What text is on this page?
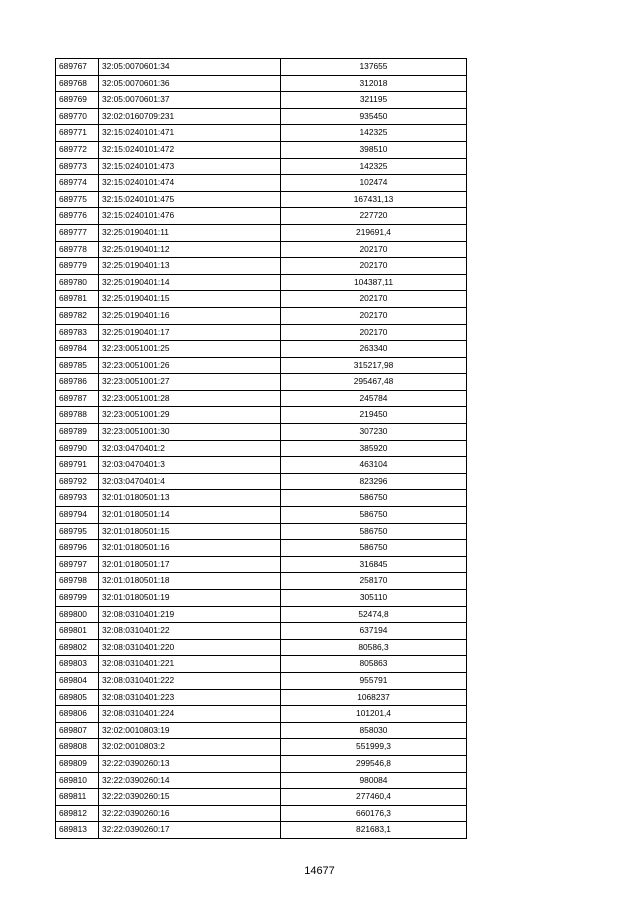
689767	32:05:0070601:34	137655
689768	32:05:0070601:36	312018
689769	32:05:0070601:37	321195
689770	32:02:0160709:231	935450
689771	32:15:0240101:471	142325
689772	32:15:0240101:472	398510
689773	32:15:0240101:473	142325
689774	32:15:0240101:474	102474
689775	32:15:0240101:475	167431,13
689776	32:15:0240101:476	227720
689777	32:25:0190401:11	219691,4
689778	32:25:0190401:12	202170
689779	32:25:0190401:13	202170
689780	32:25:0190401:14	104387,11
689781	32:25:0190401:15	202170
689782	32:25:0190401:16	202170
689783	32:25:0190401:17	202170
689784	32:23:0051001:25	263340
689785	32:23:0051001:26	315217,98
689786	32:23:0051001:27	295467,48
689787	32:23:0051001:28	245784
689788	32:23:0051001:29	219450
689789	32:23:0051001:30	307230
689790	32:03:0470401:2	385920
689791	32:03:0470401:3	463104
689792	32:03:0470401:4	823296
689793	32:01:0180501:13	586750
689794	32:01:0180501:14	586750
689795	32:01:0180501:15	586750
689796	32:01:0180501:16	586750
689797	32:01:0180501:17	316845
689798	32:01:0180501:18	258170
689799	32:01:0180501:19	305110
689800	32:08:0310401:219	52474,8
689801	32:08:0310401:22	637194
689802	32:08:0310401:220	80586,3
689803	32:08:0310401:221	805863
689804	32:08:0310401:222	955791
689805	32:08:0310401:223	1068237
689806	32:08:0310401:224	101201,4
689807	32:02:0010803:19	858030
689808	32:02:0010803:2	551999,3
689809	32:22:0390260:13	299546,8
689810	32:22:0390260:14	980084
689811	32:22:0390260:15	277460,4
689812	32:22:0390260:16	660176,3
689813	32:22:0390260:17	821683,1
14677
